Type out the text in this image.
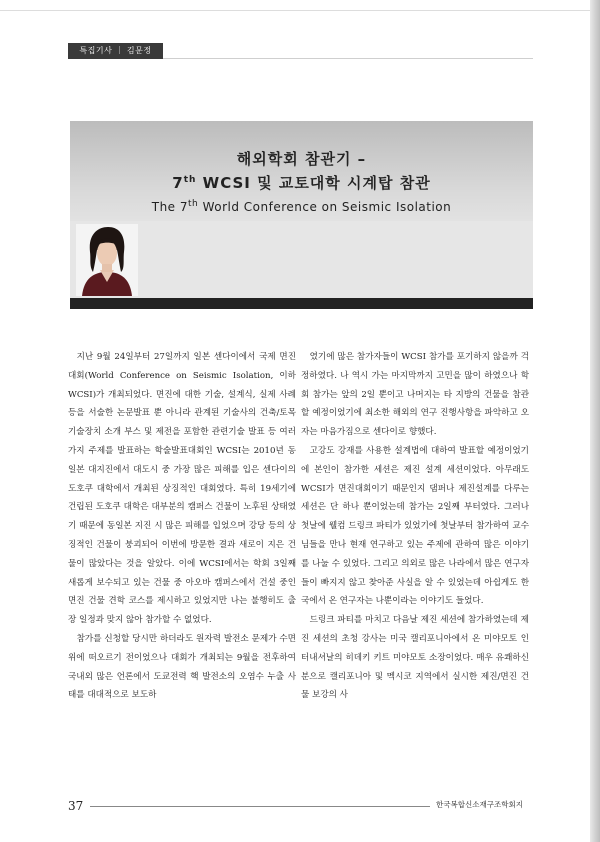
특집기사 ｜ 김문정
해외학회 참관기 –
7th WCSI 및 교토대학 시계탑 참관
The 7th World Conference on Seismic Isolation

지난 9월 24일부터 27일까지 일본 센다이에서 국제 면진대회(World Conference on Seismic Isolation, 이하 WCSI)가 개최되었다. 면진에 대한 기술, 설계식, 실제 사례 등을 서술한 논문발표 뿐 아니라 관계된 기술사의 건축/토목기술장치 소개 부스 및 제전을 포함한 관련기술 발표 등 여러가지 주제를 발표하는 학술발표대회인 WCSI는 2010년 동일본 대지진에서 대도시 중 가장 많은 피해를 입은 센다이의 도호쿠 대학에서 개최된 상징적인 대회였다. 특히 19세기에 건립된 도호쿠 대학은 대부분의 캠퍼스 건물이 노후된 상태였기 때문에 동일본 지진 시 많은 피해를 입었으며 강당 등의 상징적인 건물이 붕괴되어 이번에 방문한 결과 새로이 지은 건물이 많았다는 것을 알았다. 이에 WCSI에서는 학회 3일째 새롭게 보수되고 있는 건물 중 아오바 캠퍼스에서 건설 중인 면진 건물 견학 코스를 제시하고 있었지만 나는 불행히도 출장 일정과 맞지 않아 참가할 수 없었다.

참가를 신청할 당시만 하더라도 원자력 발전소 문제가 수면 위에 떠오르기 전이었으나 대회가 개최되는 9월을 전후하여 국내외 많은 언론에서 도쿄전력 핵 발전소의 오염수 누출 사태를 대대적으로 보도하

였기에 많은 참가자들이 WCSI 참가를 포기하지 않을까 걱정하였다. 나 역시 가는 마지막까지 고민을 많이 하였으나 학회 참가는 앞의 2일 뿐이고 나머지는 타 지방의 건물을 참관할 예정이었기에 최소한 해외의 연구 진행사항을 파악하고 오자는 마음가짐으로 센다이로 향했다.

고강도 강재를 사용한 설계법에 대하여 발표할 예정이었기에 본인이 참가한 세션은 제진 설계 세션이었다. 아무래도 WCSI가 면진대회이기 때문인지 댐퍼나 제진설계를 다루는 세션은 단 하나 뿐이었는데 참가는 2일째 부터였다. 그러나 첫날에 웰컴 드링크 파티가 있었기에 첫날부터 참가하여 교수님들을 만나 현재 연구하고 있는 주제에 관하여 많은 이야기를 나눌 수 있었다. 그리고 의외로 많은 나라에서 많은 연구자들이 빠지지 않고 찾아준 사실을 알 수 있었는데 아쉽게도 한국에서 온 연구자는 나뿐이라는 이야기도 들었다.

드링크 파티를 마치고 다음날 제진 세션에 참가하였는데 제진 세션의 초청 강사는 미국 캘리포니아에서 온 미야모토 인터내셔날의 히데키 키트 미야모토 소장이었다. 매우 유쾌하신 분으로 캘리포니아 및 멕시코 지역에서 실시한 제진/면진 건물 보강의 사

37	한국복합신소재구조학회지
